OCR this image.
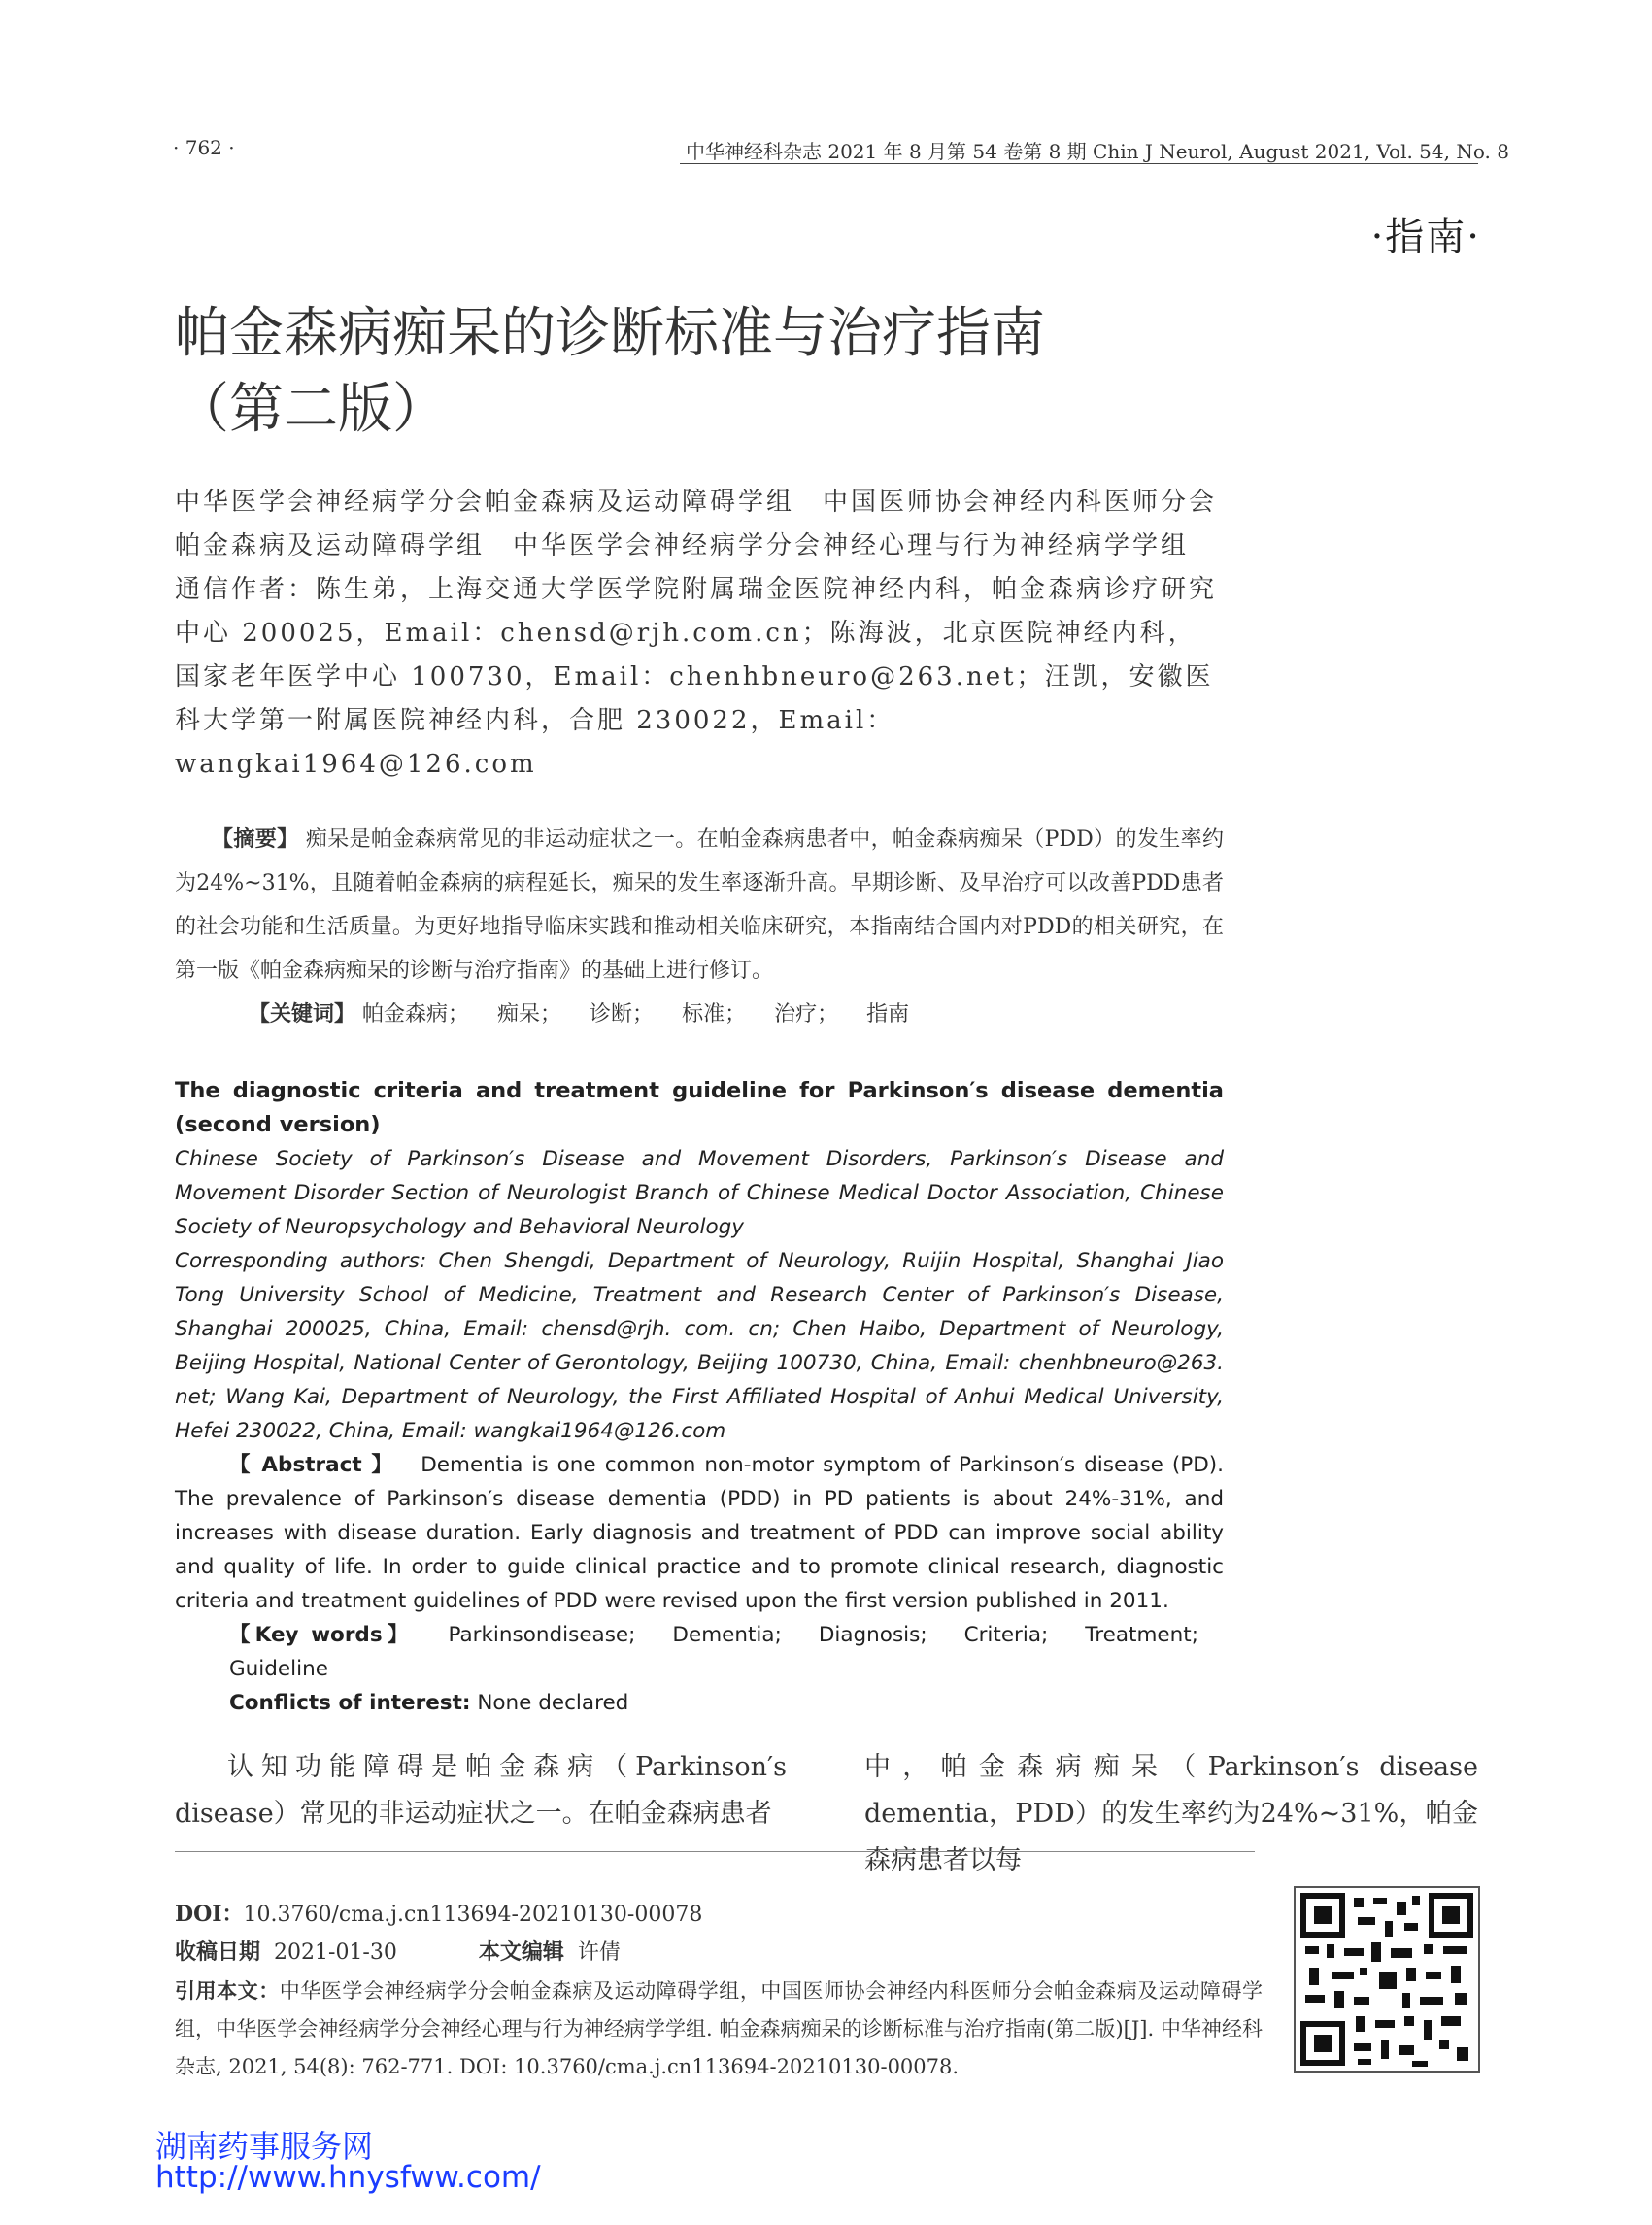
· 762 ·	中华神经科杂志 2021 年 8 月第 54 卷第 8 期 Chin J Neurol, August 2021, Vol. 54, No. 8
·指南·
帕金森病痴呆的诊断标准与治疗指南
（第二版）
中华医学会神经病学分会帕金森病及运动障碍学组　中国医师协会神经内科医师分会帕金森病及运动障碍学组　中华医学会神经病学分会神经心理与行为神经病学学组
通信作者：陈生弟，上海交通大学医学院附属瑞金医院神经内科，帕金森病诊疗研究中心 200025，Email：chensd@rjh.com.cn；陈海波，北京医院神经内科，国家老年医学中心 100730，Email：chenhbneuro@263.net；汪凯，安徽医科大学第一附属医院神经内科，合肥 230022，Email：wangkai1964@126.com

【摘要】 痴呆是帕金森病常见的非运动症状之一。在帕金森病患者中，帕金森病痴呆（PDD）的发生率约为24%~31%，且随着帕金森病的病程延长，痴呆的发生率逐渐升高。早期诊断、及早治疗可以改善PDD患者的社会功能和生活质量。为更好地指导临床实践和推动相关临床研究，本指南结合国内对PDD的相关研究，在第一版《帕金森病痴呆的诊断与治疗指南》的基础上进行修订。

【关键词】 帕金森病； 痴呆； 诊断； 标准； 治疗； 指南

The diagnostic criteria and treatment guideline for Parkinson′s disease dementia (second version)

Chinese Society of Parkinson′s Disease and Movement Disorders, Parkinson′s Disease and Movement Disorder Section of Neurologist Branch of Chinese Medical Doctor Association, Chinese Society of Neuropsychology and Behavioral Neurology

Corresponding authors: Chen Shengdi, Department of Neurology, Ruijin Hospital, Shanghai Jiao Tong University School of Medicine, Treatment and Research Center of Parkinson′s Disease, Shanghai 200025, China, Email: chensd@rjh. com. cn; Chen Haibo, Department of Neurology, Beijing Hospital, National Center of Gerontology, Beijing 100730, China, Email: chenhbneuro@263. net; Wang Kai, Department of Neurology, the First Affiliated Hospital of Anhui Medical University, Hefei 230022, China, Email: wangkai1964@126.com

【 Abstract 】 Dementia is one common non-motor symptom of Parkinson′s disease (PD). The prevalence of Parkinson′s disease dementia (PDD) in PD patients is about 24%-31%, and increases with disease duration. Early diagnosis and treatment of PDD can improve social ability and quality of life. In order to guide clinical practice and to promote clinical research, diagnostic criteria and treatment guidelines of PDD were revised upon the first version published in 2011.

【Key words】 Parkinsondisease; Dementia; Diagnosis; Criteria; Treatment; Guideline

Conflicts of interest: None declared

认知功能障碍是帕金森病（Parkinson′s disease）常见的非运动症状之一。在帕金森病患者
中，帕金森病痴呆（Parkinson′s disease dementia，PDD）的发生率约为24%~31%，帕金森病患者以每
DOI：10.3760/cma.j.cn113694-20210130-00078
收稿日期 2021-01-30	本文编辑 许倩
引用本文：中华医学会神经病学分会帕金森病及运动障碍学组，中国医师协会神经内科医师分会帕金森病及运动障碍学组，中华医学会神经病学分会神经心理与行为神经病学学组. 帕金森病痴呆的诊断标准与治疗指南(第二版)[J]. 中华神经科杂志, 2021, 54(8): 762-771. DOI: 10.3760/cma.j.cn113694-20210130-00078.
湖南药事服务网
http://www.hnysfww.com/
